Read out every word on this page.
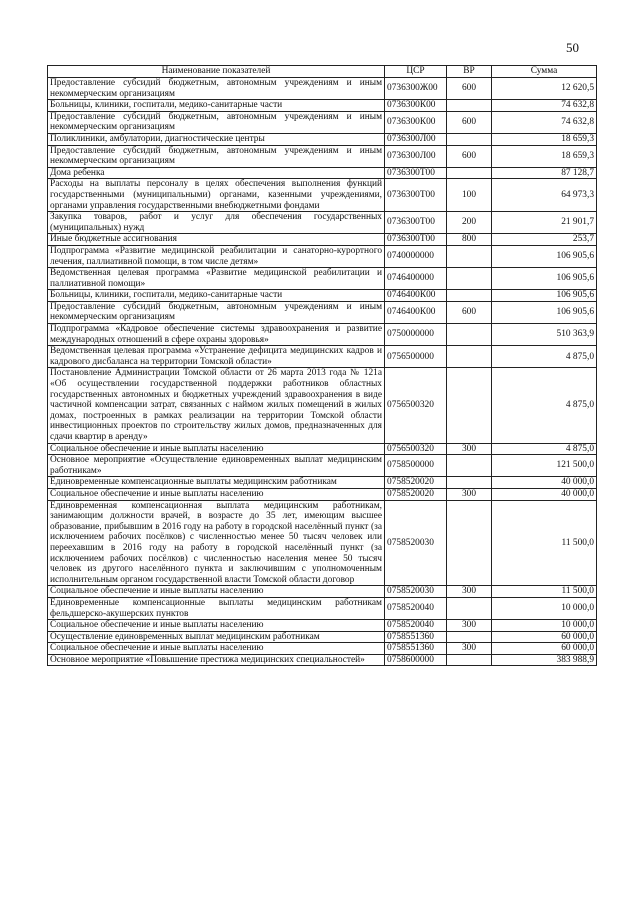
50
Наименование показателей	ЦСР	ВР	Сумма
Предоставление субсидий бюджетным, автономным учреждениям и иным некоммерческим организациям	0736300Ж00	600	12 620,5
Больницы, клиники, госпитали, медико-санитарные части	0736300К00		74 632,8
Предоставление субсидий бюджетным, автономным учреждениям и иным некоммерческим организациям	0736300К00	600	74 632,8
Поликлиники, амбулатории, диагностические центры	0736300Л00		18 659,3
Предоставление субсидий бюджетным, автономным учреждениям и иным некоммерческим организациям	0736300Л00	600	18 659,3
Дома ребенка	0736300Т00		87 128,7
Расходы на выплаты персоналу в целях обеспечения выполнения функций государственными (муниципальными) органами, казенными учреждениями, органами управления государственными внебюджетными фондами	0736300Т00	100	64 973,3
Закупка товаров, работ и услуг для обеспечения государственных (муниципальных) нужд	0736300Т00	200	21 901,7
Иные бюджетные ассигнования	0736300Т00	800	253,7
Подпрограмма «Развитие медицинской реабилитации и санаторно-курортного лечения, паллиативной помощи, в том числе детям»	0740000000		106 905,6
Ведомственная целевая программа «Развитие медицинской реабилитации и паллиативной помощи»	0746400000		106 905,6
Больницы, клиники, госпитали, медико-санитарные части	0746400К00		106 905,6
Предоставление субсидий бюджетным, автономным учреждениям и иным некоммерческим организациям	0746400К00	600	106 905,6
Подпрограмма «Кадровое обеспечение системы здравоохранения и развитие международных отношений в сфере охраны здоровья»	0750000000		510 363,9
Ведомственная целевая программа «Устранение дефицита медицинских кадров и кадрового дисбаланса на территории Томской области»	0756500000		4 875,0
Постановление Администрации Томской области от 26 марта 2013 года № 121а «Об осуществлении государственной поддержки работников областных государственных автономных и бюджетных учреждений здравоохранения в виде частичной компенсации затрат, связанных с наймом жилых помещений в жилых домах, построенных в рамках реализации на территории Томской области инвестиционных проектов по строительству жилых домов, предназначенных для сдачи квартир в аренду»	0756500320		4 875,0
Социальное обеспечение и иные выплаты населению	0756500320	300	4 875,0
Основное мероприятие «Осуществление единовременных выплат медицинским работникам»	0758500000		121 500,0
Единовременные компенсационные выплаты медицинским работникам	0758520020		40 000,0
Социальное обеспечение и иные выплаты населению	0758520020	300	40 000,0
Единовременная компенсационная выплата медицинским работникам, занимающим должности врачей, в возрасте до 35 лет, имеющим высшее образование, прибывшим в 2016 году на работу в городской населённый пункт (за исключением рабочих посёлков) с численностью менее 50 тысяч человек или переехавшим в 2016 году на работу в городской населённый пункт (за исключением рабочих посёлков) с численностью населения менее 50 тысяч человек из другого населённого пункта и заключившим с уполномоченным исполнительным органом государственной власти Томской области договор	0758520030		11 500,0
Социальное обеспечение и иные выплаты населению	0758520030	300	11 500,0
Единовременные компенсационные выплаты медицинским работникам фельдшерско-акушерских пунктов	0758520040		10 000,0
Социальное обеспечение и иные выплаты населению	0758520040	300	10 000,0
Осуществление единовременных выплат медицинским работникам	0758551360		60 000,0
Социальное обеспечение и иные выплаты населению	0758551360	300	60 000,0
Основное мероприятие «Повышение престижа медицинских специальностей»	0758600000		383 988,9
